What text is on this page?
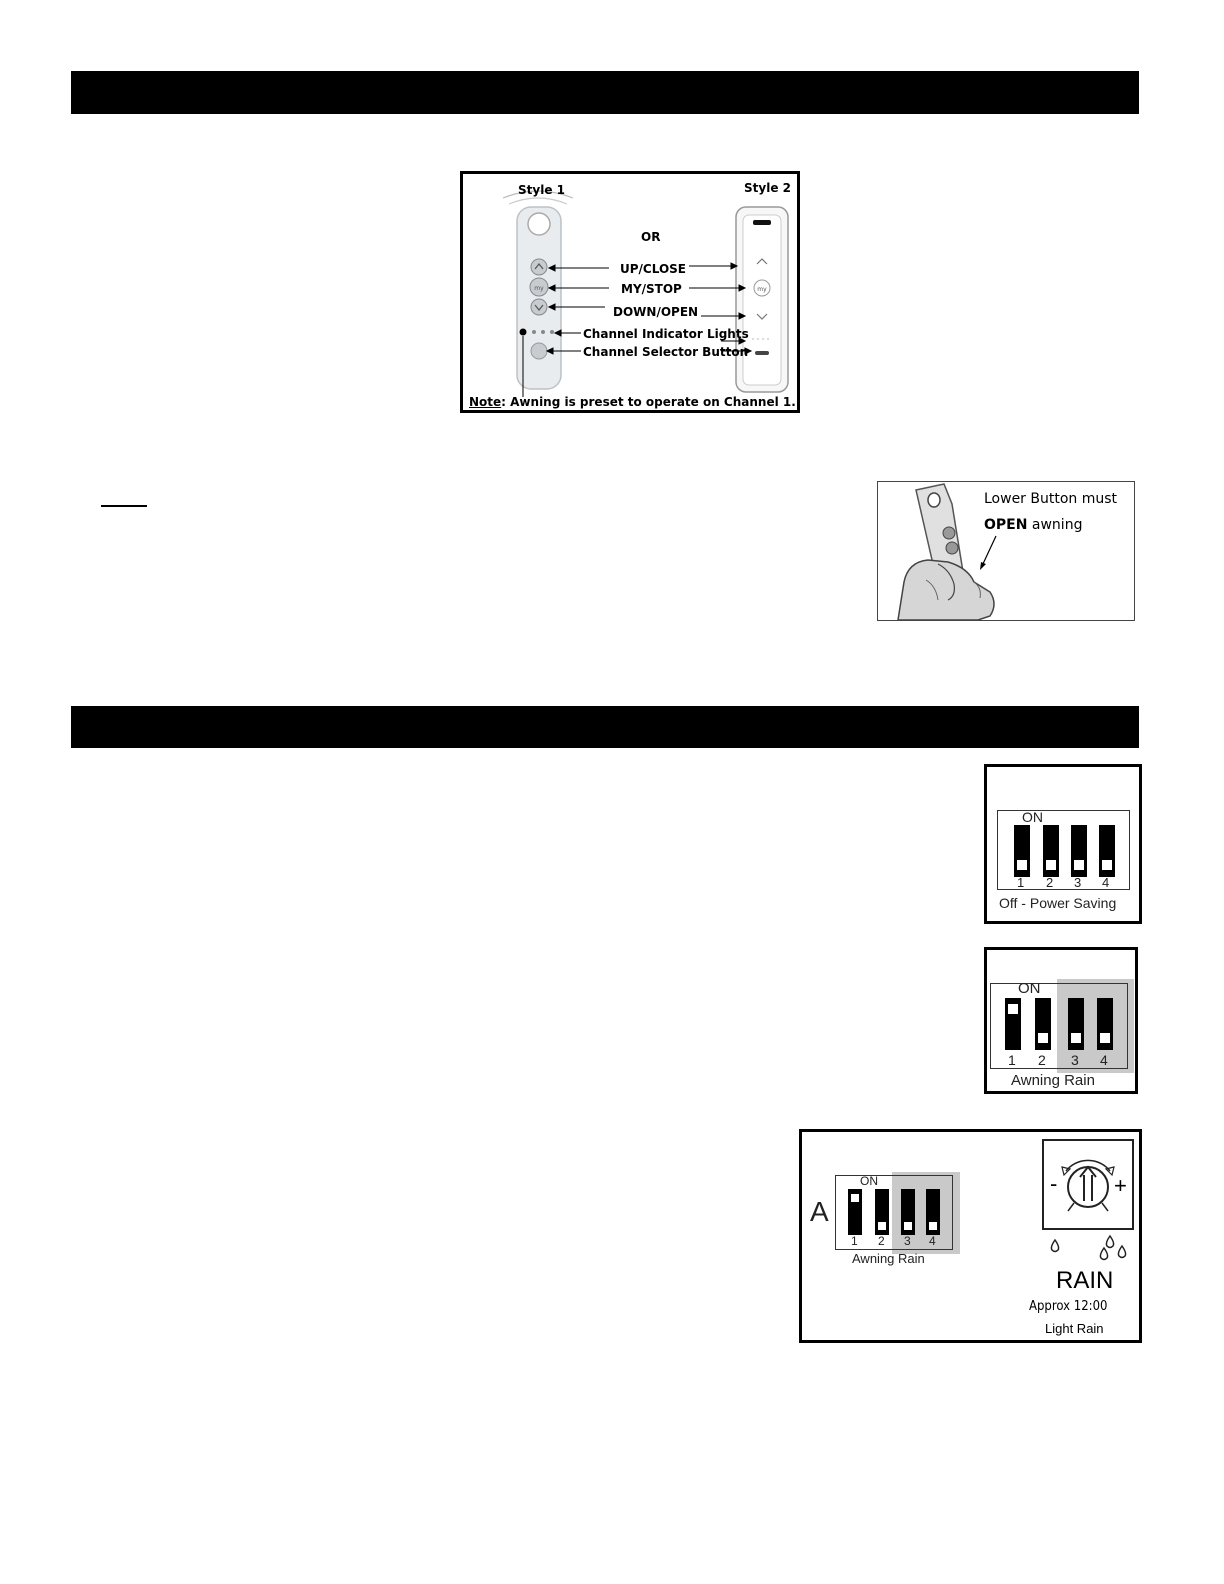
my	my
Style 1	Style 2
OR
UP/CLOSE
MY/STOP
DOWN/OPEN
Channel Indicator Lights
Channel Selector Button
Note: Awning is preset to operate on Channel 1.
Lower Button must
OPEN awning
ON
1 2 3 4
Off - Power Saving
ON
1 2 3 4
Awning Rain
A
ON
1 2 3 4
Awning Rain
-	+
RAIN
Approx 12:00
Light Rain
